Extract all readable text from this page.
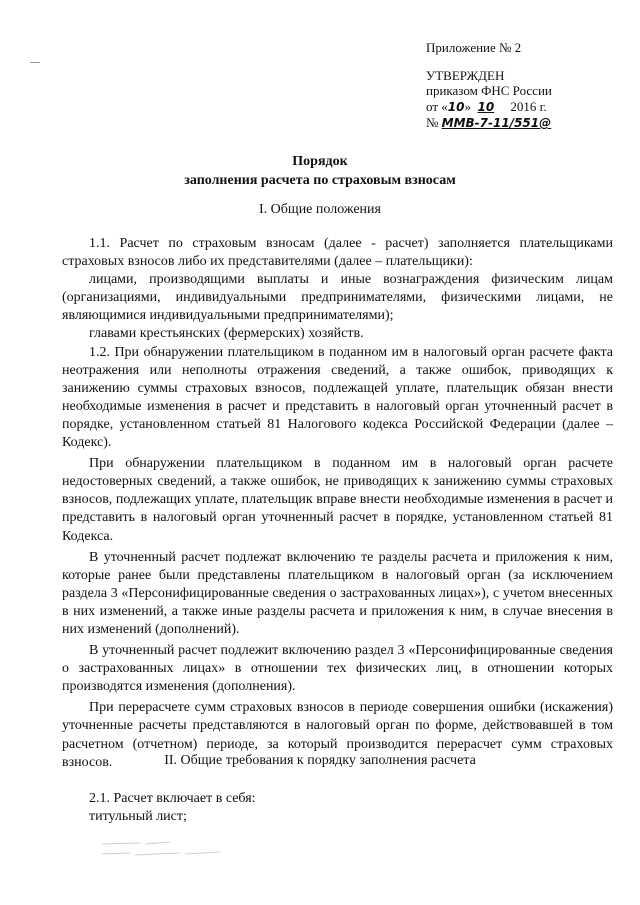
Приложение № 2
УТВЕРЖДЕН
приказом ФНС России
от «10» 10 2016 г.
№ ММВ-7-11/551@
Порядок
заполнения расчета по страховым взносам
I. Общие положения

1.1. Расчет по страховым взносам (далее - расчет) заполняется плательщиками страховых взносов либо их представителями (далее – плательщики):

лицами, производящими выплаты и иные вознаграждения физическим лицам (организациями, индивидуальными предпринимателями, физическими лицами, не являющимися индивидуальными предпринимателями);

главами крестьянских (фермерских) хозяйств.

1.2. При обнаружении плательщиком в поданном им в налоговый орган расчете факта неотражения или неполноты отражения сведений, а также ошибок, приводящих к занижению суммы страховых взносов, подлежащей уплате, плательщик обязан внести необходимые изменения в расчет и представить в налоговый орган уточненный расчет в порядке, установленном статьей 81 Налогового кодекса Российской Федерации (далее – Кодекс).

При обнаружении плательщиком в поданном им в налоговый орган расчете недостоверных сведений, а также ошибок, не приводящих к занижению суммы страховых взносов, подлежащих уплате, плательщик вправе внести необходимые изменения в расчет и представить в налоговый орган уточненный расчет в порядке, установленном статьей 81 Кодекса.

В уточненный расчет подлежат включению те разделы расчета и приложения к ним, которые ранее были представлены плательщиком в налоговый орган (за исключением раздела 3 «Персонифицированные сведения о застрахованных лицах»), с учетом внесенных в них изменений, а также иные разделы расчета и приложения к ним, в случае внесения в них изменений (дополнений).

В уточненный расчет подлежит включению раздел 3 «Персонифицированные сведения о застрахованных лицах» в отношении тех физических лиц, в отношении которых производятся изменения (дополнения).

При перерасчете сумм страховых взносов в периоде совершения ошибки (искажения) уточненные расчеты представляются в налоговый орган по форме, действовавшей в том расчетном (отчетном) периоде, за который производится перерасчет сумм страховых взносов.	II. Общие требования к порядку заполнения расчета

2.1. Расчет включает в себя:

титульный лист;
